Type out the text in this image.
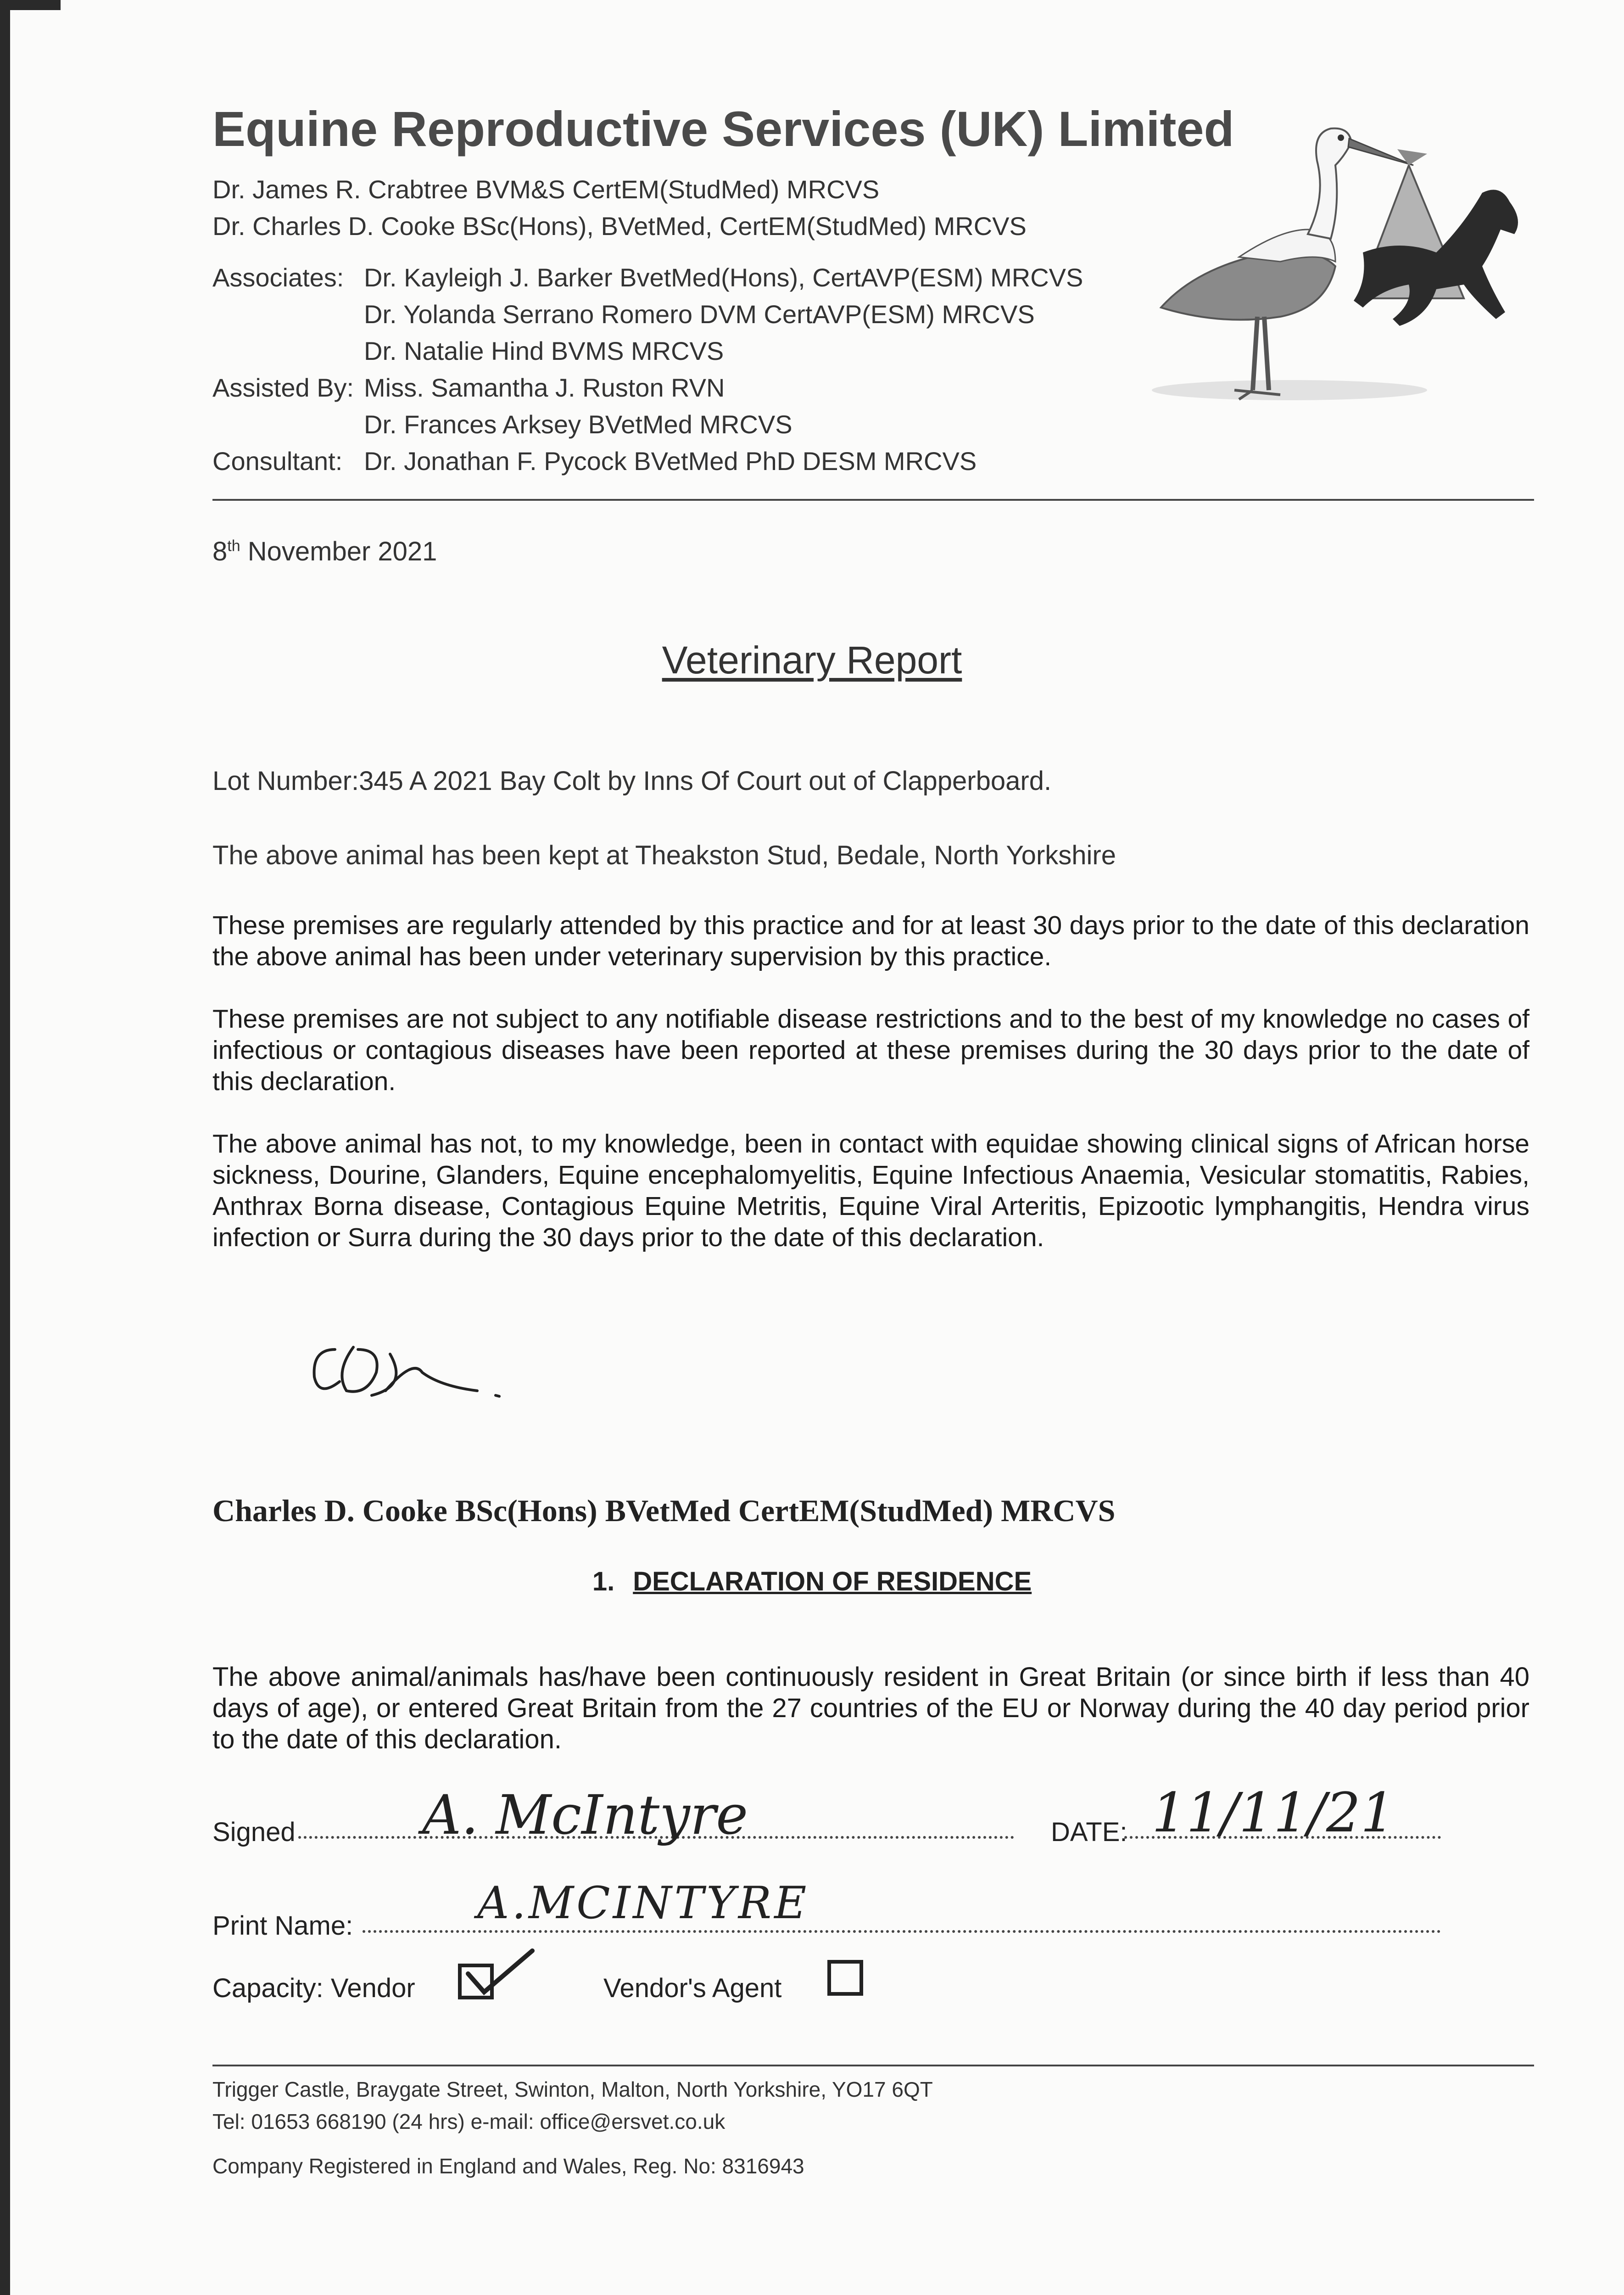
Equine Reproductive Services (UK) Limited
Dr. James R. Crabtree BVM&S CertEM(StudMed) MRCVS
Dr. Charles D. Cooke BSc(Hons), BVetMed, CertEM(StudMed) MRCVS
Associates: Dr. Kayleigh J. Barker BvetMed(Hons), CertAVP(ESM) MRCVS
Dr. Yolanda Serrano Romero DVM CertAVP(ESM) MRCVS
Dr. Natalie Hind BVMS MRCVS
Assisted By: Miss. Samantha J. Ruston RVN
Dr. Frances Arksey BVetMed MRCVS
Consultant: Dr. Jonathan F. Pycock BVetMed PhD DESM MRCVS
8th November 2021
Veterinary Report
Lot Number:345 A 2021 Bay Colt by Inns Of Court out of Clapperboard.
The above animal has been kept at Theakston Stud, Bedale, North Yorkshire
These premises are regularly attended by this practice and for at least 30 days prior to the date of this declaration the above animal has been under veterinary supervision by this practice.
These premises are not subject to any notifiable disease restrictions and to the best of my knowledge no cases of infectious or contagious diseases have been reported at these premises during the 30 days prior to the date of this declaration.
The above animal has not, to my knowledge, been in contact with equidae showing clinical signs of African horse sickness, Dourine, Glanders, Equine encephalomyelitis, Equine Infectious Anaemia, Vesicular stomatitis, Rabies, Anthrax Borna disease, Contagious Equine Metritis, Equine Viral Arteritis, Epizootic lymphangitis, Hendra virus infection or Surra during the 30 days prior to the date of this declaration.
Charles D. Cooke BSc(Hons) BVetMed CertEM(StudMed) MRCVS
1. DECLARATION OF RESIDENCE
The above animal/animals has/have been continuously resident in Great Britain (or since birth if less than 40 days of age), or entered Great Britain from the 27 countries of the EU or Norway during the 40 day period prior to the date of this declaration.
Signed A. McIntyre	DATE: 11/11/21
Print Name:	A.MCINTYRE
Capacity: Vendor	Vendor's Agent
Trigger Castle, Braygate Street, Swinton, Malton, North Yorkshire, YO17 6QT
Tel: 01653 668190 (24 hrs) e-mail: office@ersvet.co.uk
Company Registered in England and Wales, Reg. No: 8316943
